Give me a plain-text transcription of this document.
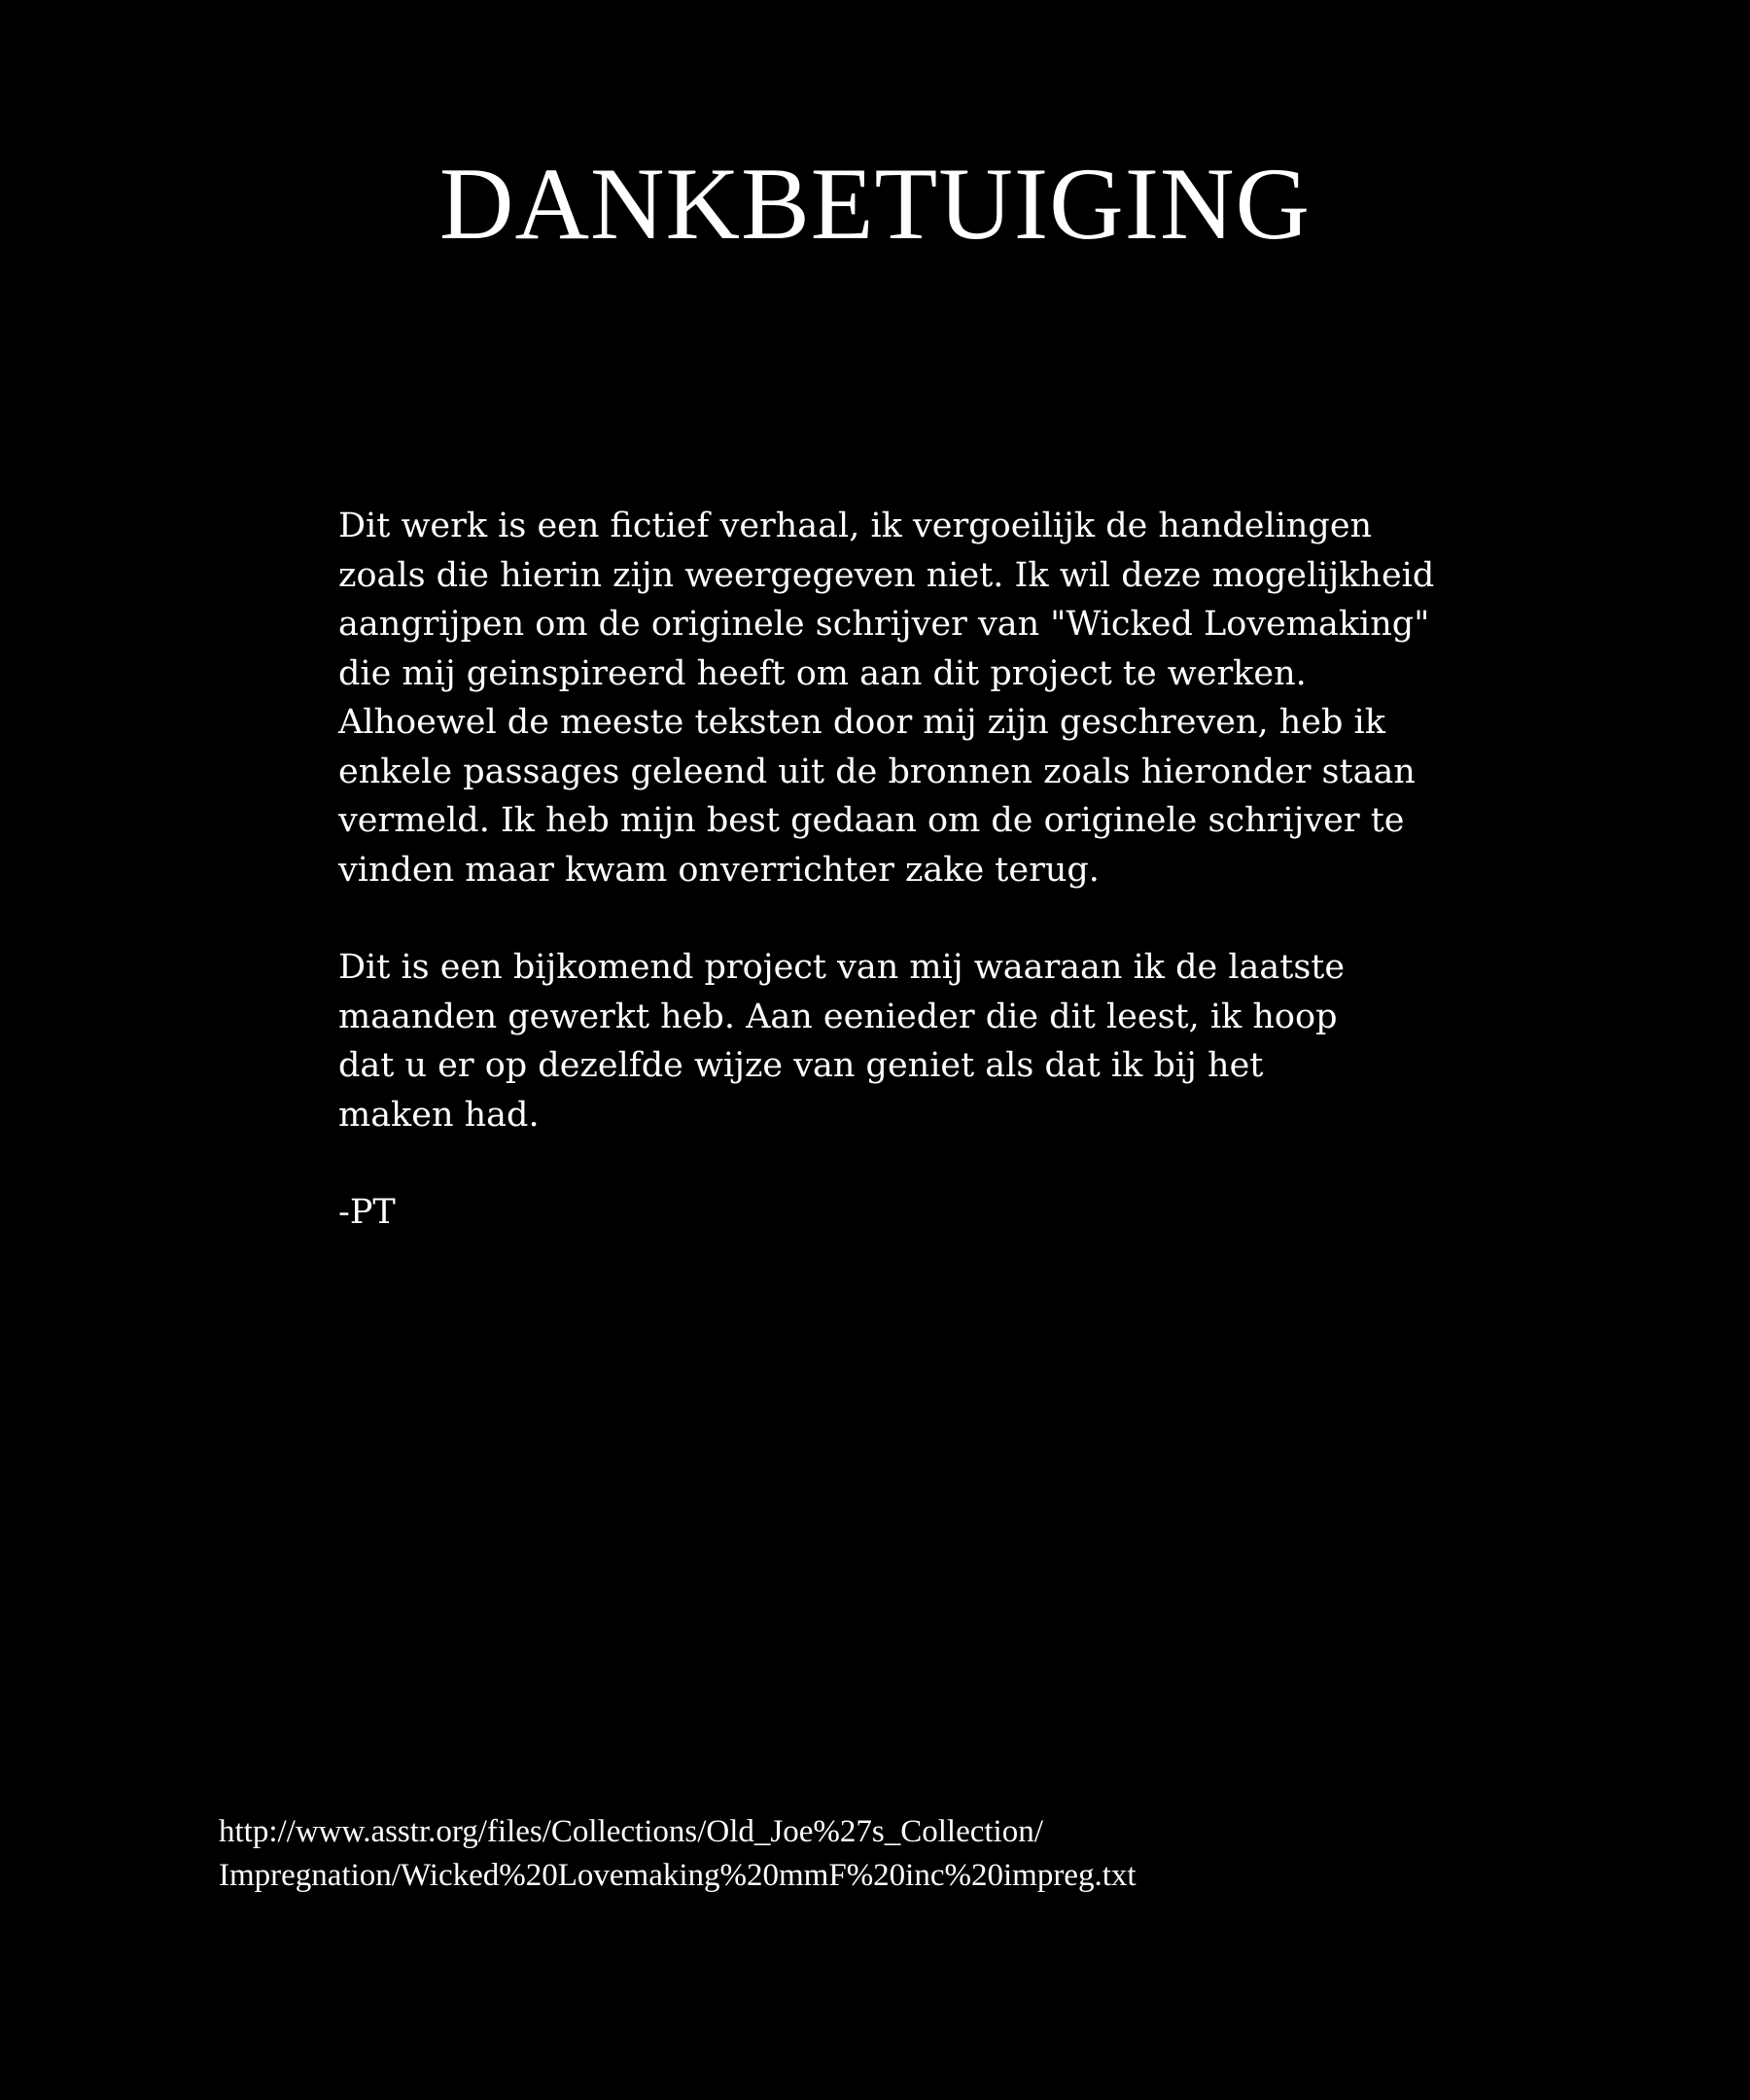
DANKBETUIGING

Dit werk is een fictief verhaal, ik vergoeilijk de handelingen
zoals die hierin zijn weergegeven niet. Ik wil deze mogelijkheid
aangrijpen om de originele schrijver van "Wicked Lovemaking"
die mij geinspireerd heeft om aan dit project te werken.
Alhoewel de meeste teksten door mij zijn geschreven, heb ik
enkele passages geleend uit de bronnen zoals hieronder staan
vermeld. Ik heb mijn best gedaan om de originele schrijver te
vinden maar kwam onverrichter zake terug.

Dit is een bijkomend project van mij waaraan ik de laatste
maanden gewerkt heb. Aan eenieder die dit leest, ik hoop
dat u er op dezelfde wijze van geniet als dat ik bij het
maken had.

-PT

http://www.asstr.org/files/Collections/Old_Joe%27s_Collection/
Impregnation/Wicked%20Lovemaking%20mmF%20inc%20impreg.txt
